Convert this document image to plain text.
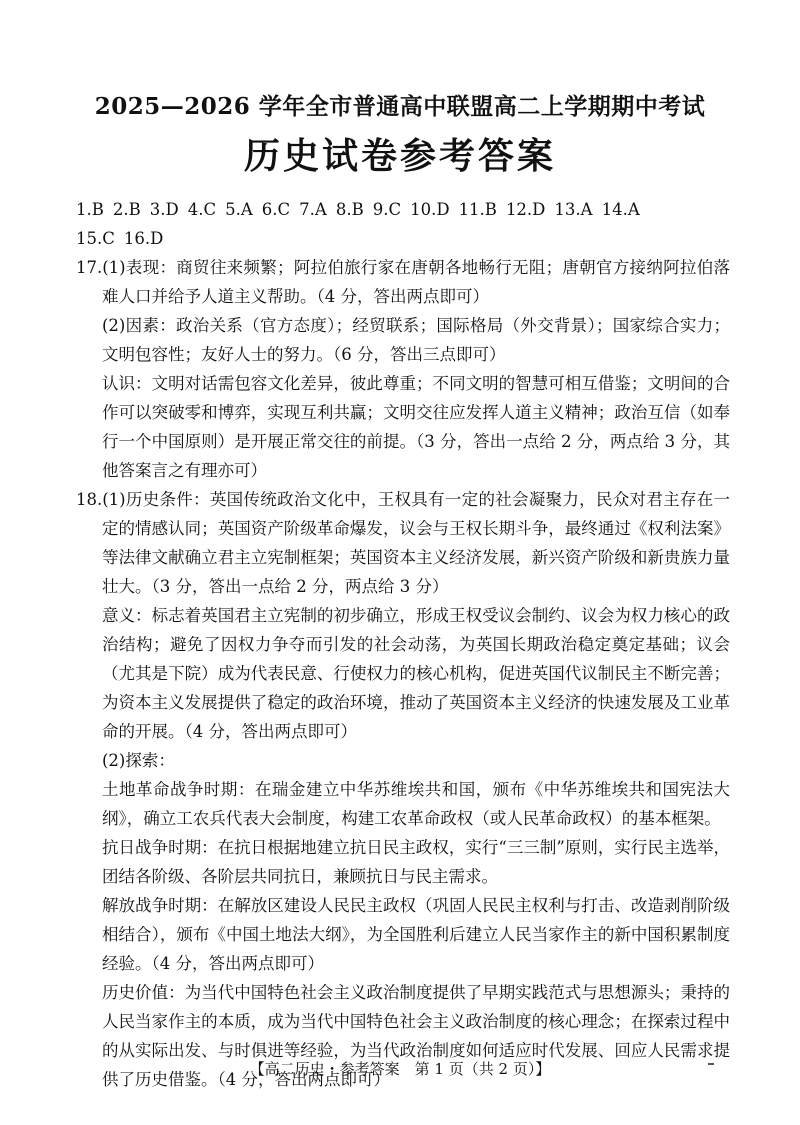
2025—2026 学年全市普通高中联盟高二上学期期中考试
历史试卷参考答案
1.B 2.B 3.D 4.C 5.A 6.C 7.A 8.B 9.C 10.D 11.B 12.D 13.A 14.A
15.C 16.D

17.(1)表现：商贸往来频繁；阿拉伯旅行家在唐朝各地畅行无阻；唐朝官方接纳阿拉伯落难人口并给予人道主义帮助。（4 分，答出两点即可）

(2)因素：政治关系（官方态度）；经贸联系；国际格局（外交背景）；国家综合实力；文明包容性；友好人士的努力。（6 分，答出三点即可）

认识：文明对话需包容文化差异，彼此尊重；不同文明的智慧可相互借鉴；文明间的合作可以突破零和博弈，实现互利共赢；文明交往应发挥人道主义精神；政治互信（如奉行一个中国原则）是开展正常交往的前提。（3 分，答出一点给 2 分，两点给 3 分，其他答案言之有理亦可）

18.(1)历史条件：英国传统政治文化中，王权具有一定的社会凝聚力，民众对君主存在一定的情感认同；英国资产阶级革命爆发，议会与王权长期斗争，最终通过《权利法案》等法律文献确立君主立宪制框架；英国资本主义经济发展，新兴资产阶级和新贵族力量壮大。（3 分，答出一点给 2 分，两点给 3 分）

意义：标志着英国君主立宪制的初步确立，形成王权受议会制约、议会为权力核心的政治结构；避免了因权力争夺而引发的社会动荡，为英国长期政治稳定奠定基础；议会（尤其是下院）成为代表民意、行使权力的核心机构，促进英国代议制民主不断完善；为资本主义发展提供了稳定的政治环境，推动了英国资本主义经济的快速发展及工业革命的开展。（4 分，答出两点即可）

(2)探索：

土地革命战争时期：在瑞金建立中华苏维埃共和国，颁布《中华苏维埃共和国宪法大纲》，确立工农兵代表大会制度，构建工农革命政权（或人民革命政权）的基本框架。

抗日战争时期：在抗日根据地建立抗日民主政权，实行“三三制”原则，实行民主选举，团结各阶级、各阶层共同抗日，兼顾抗日与民主需求。

解放战争时期：在解放区建设人民民主政权（巩固人民民主权利与打击、改造剥削阶级相结合），颁布《中国土地法大纲》，为全国胜利后建立人民当家作主的新中国积累制度经验。（4 分，答出两点即可）

历史价值：为当代中国特色社会主义政治制度提供了早期实践范式与思想源头；秉持的人民当家作主的本质，成为当代中国特色社会主义政治制度的核心理念；在探索过程中的从实际出发、与时俱进等经验，为当代政治制度如何适应时代发展、回应人民需求提供了历史借鉴。（4 分，答出两点即可）

【高二历史・参考答案　第 1 页（共 2 页）】
